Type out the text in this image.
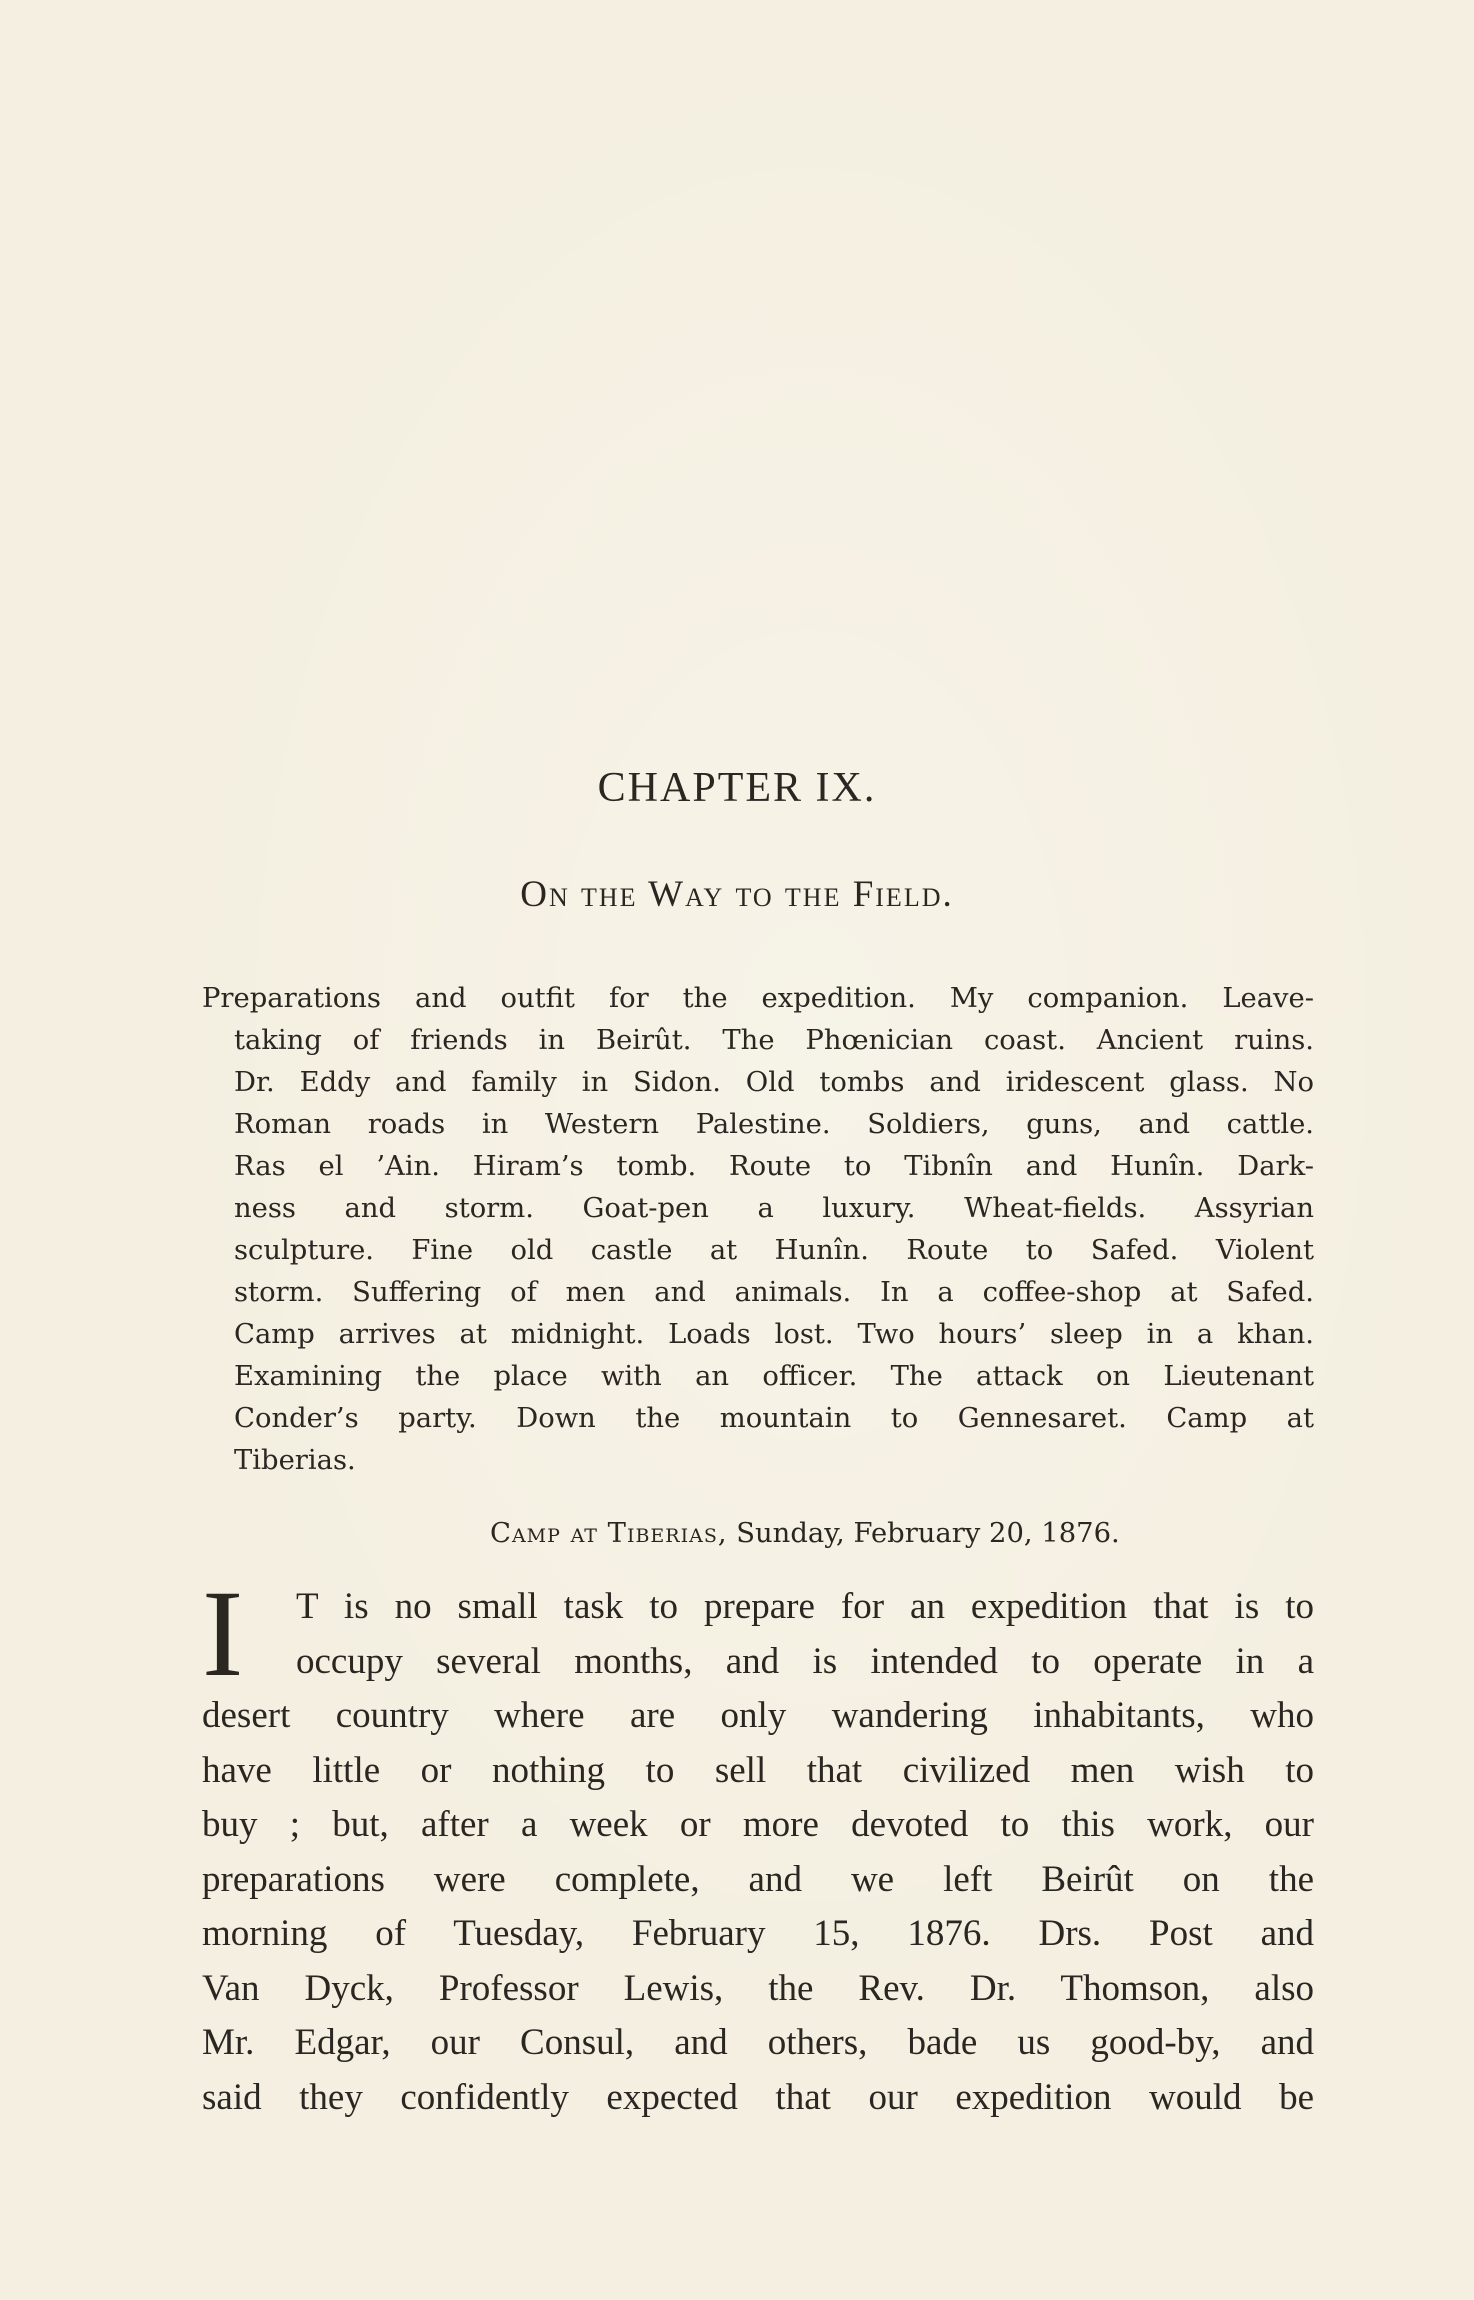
CHAPTER IX.
On the Way to the Field.
Preparations and outfit for the expedition. My companion. Leave-
taking of friends in Beirût. The Phœnician coast. Ancient ruins.
Dr. Eddy and family in Sidon. Old tombs and iridescent glass. No
Roman roads in Western Palestine. Soldiers, guns, and cattle.
Ras el ’Ain. Hiram’s tomb. Route to Tibnîn and Hunîn. Dark-
ness and storm. Goat-pen a luxury. Wheat-fields. Assyrian
sculpture. Fine old castle at Hunîn. Route to Safed. Violent
storm. Suffering of men and animals. In a coffee-shop at Safed.
Camp arrives at midnight. Loads lost. Two hours’ sleep in a khan.
Examining the place with an officer. The attack on Lieutenant
Conder’s party. Down the mountain to Gennesaret. Camp at
Tiberias.
Camp at Tiberias, Sunday, February 20, 1876.
I T is no small task to prepare for an expedition that is to
occupy several months, and is intended to operate in a
desert country where are only wandering inhabitants, who
have little or nothing to sell that civilized men wish to
buy ; but, after a week or more devoted to this work, our
preparations were complete, and we left Beirût on the
morning of Tuesday, February 15, 1876. Drs. Post and
Van Dyck, Professor Lewis, the Rev. Dr. Thomson, also
Mr. Edgar, our Consul, and others, bade us good-by, and
said they confidently expected that our expedition would be
